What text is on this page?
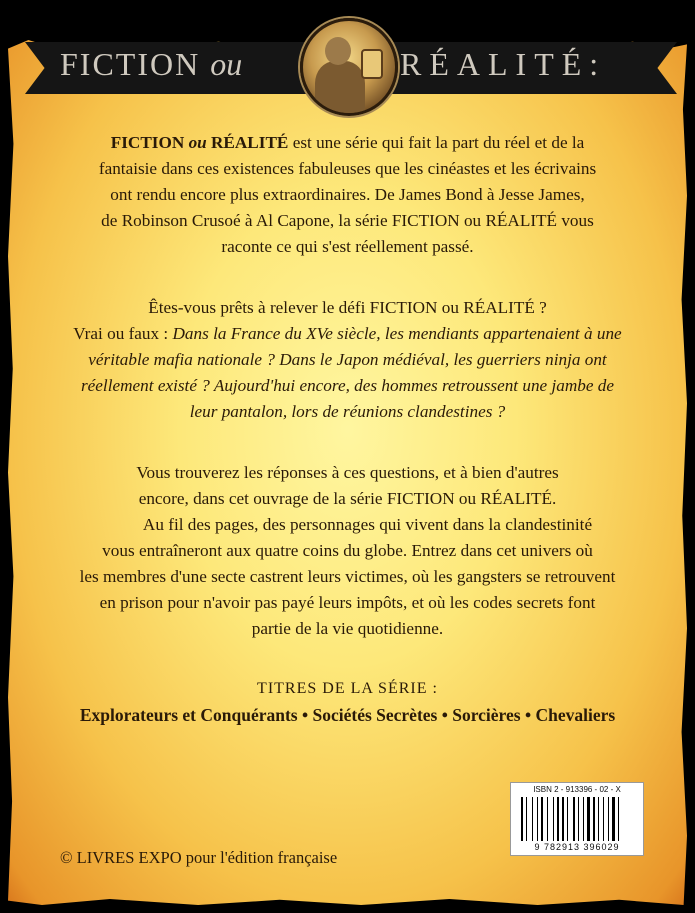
FICTION ou	RÉALITÉ:

FICTION ou RÉALITÉ est une série qui fait la part du réel et de la

fantaisie dans ces existences fabuleuses que les cinéastes et les écrivains

ont rendu encore plus extraordinaires. De James Bond à Jesse James,

de Robinson Crusoé à Al Capone, la série FICTION ou RÉALITÉ vous

raconte ce qui s'est réellement passé.

Êtes-vous prêts à relever le défi FICTION ou RÉALITÉ ?

Vrai ou faux : Dans la France du XVe siècle, les mendiants appartenaient à une

véritable mafia nationale ? Dans le Japon médiéval, les guerriers ninja ont

réellement existé ? Aujourd'hui encore, des hommes retroussent une jambe de

leur pantalon, lors de réunions clandestines ?

Vous trouverez les réponses à ces questions, et à bien d'autres

encore, dans cet ouvrage de la série FICTION ou RÉALITÉ.

Au fil des pages, des personnages qui vivent dans la clandestinité

vous entraîneront aux quatre coins du globe. Entrez dans cet univers où

les membres d'une secte castrent leurs victimes, où les gangsters se retrouvent

en prison pour n'avoir pas payé leurs impôts, et où les codes secrets font

partie de la vie quotidienne.

TITRES DE LA SÉRIE :
Explorateurs et Conquérants • Sociétés Secrètes • Sorcières • Chevaliers
ISBN 2 - 913396 - 02 - X
9 782913 396029
© LIVRES EXPO pour l'édition française
